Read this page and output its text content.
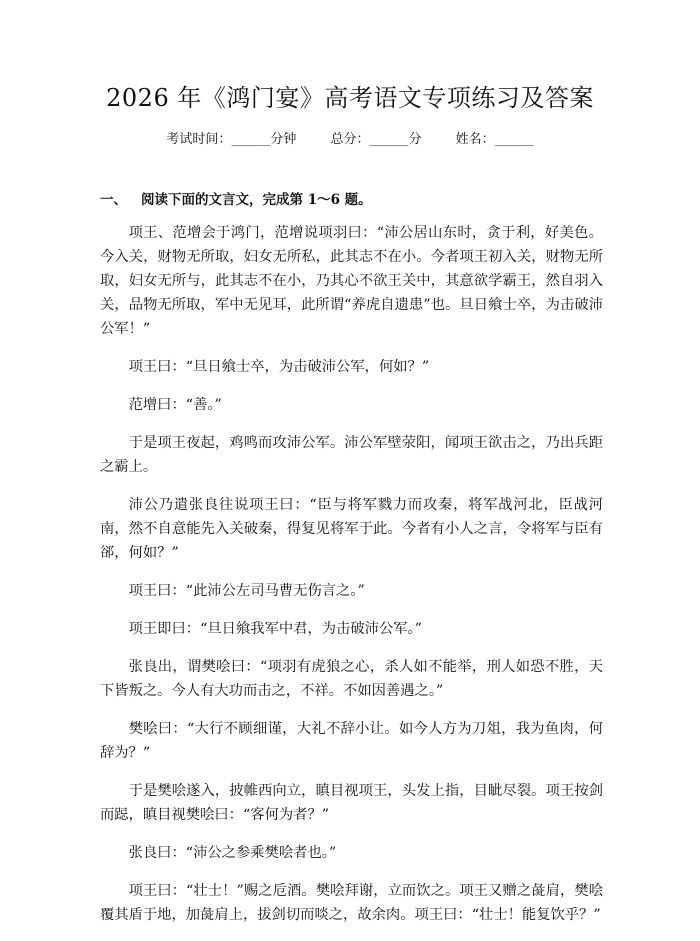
2026 年《鸿门宴》高考语文专项练习及答案
考试时间：______分钟	总分：______分	姓名：______
一、 阅读下面的文言文，完成第 1～6 题。

项王、范增会于鸿门，范增说项羽曰：“沛公居山东时，贪于利，好美色。今入关，财物无所取，妇女无所私，此其志不在小。今者项王初入关，财物无所取，妇女无所与，此其志不在小，乃其心不欲王关中，其意欲学霸王，然自羽入关，品物无所取，军中无见耳，此所谓“养虎自遗患”也。旦日飨士卒，为击破沛公军！”

项王曰：“旦日飨士卒，为击破沛公军，何如？”

范增曰：“善。”

于是项王夜起，鸡鸣而攻沛公军。沛公军壁荥阳，闻项王欲击之，乃出兵距之霸上。

沛公乃遣张良往说项王曰：“臣与将军戮力而攻秦，将军战河北，臣战河南，然不自意能先入关破秦，得复见将军于此。今者有小人之言，令将军与臣有郤，何如？”

项王曰：“此沛公左司马曹无伤言之。”

项王即曰：“旦日飨我军中君，为击破沛公军。”

张良出，谓樊哙曰：“项羽有虎狼之心，杀人如不能举，刑人如恐不胜，天下皆叛之。今人有大功而击之，不祥。不如因善遇之。”

樊哙曰：“大行不顾细谨，大礼不辞小让。如今人方为刀俎，我为鱼肉，何辞为？”

于是樊哙遂入，披帷西向立，瞋目视项王，头发上指，目眦尽裂。项王按剑而跽，瞋目视樊哙曰：“客何为者？”

张良曰：“沛公之参乘樊哙者也。”

项王曰：“壮士！”赐之卮酒。樊哙拜谢，立而饮之。项王又赠之彘肩，樊哙覆其盾于地，加彘肩上，拔剑切而啖之，故余肉。项王曰：“壮士！能复饮乎？”
